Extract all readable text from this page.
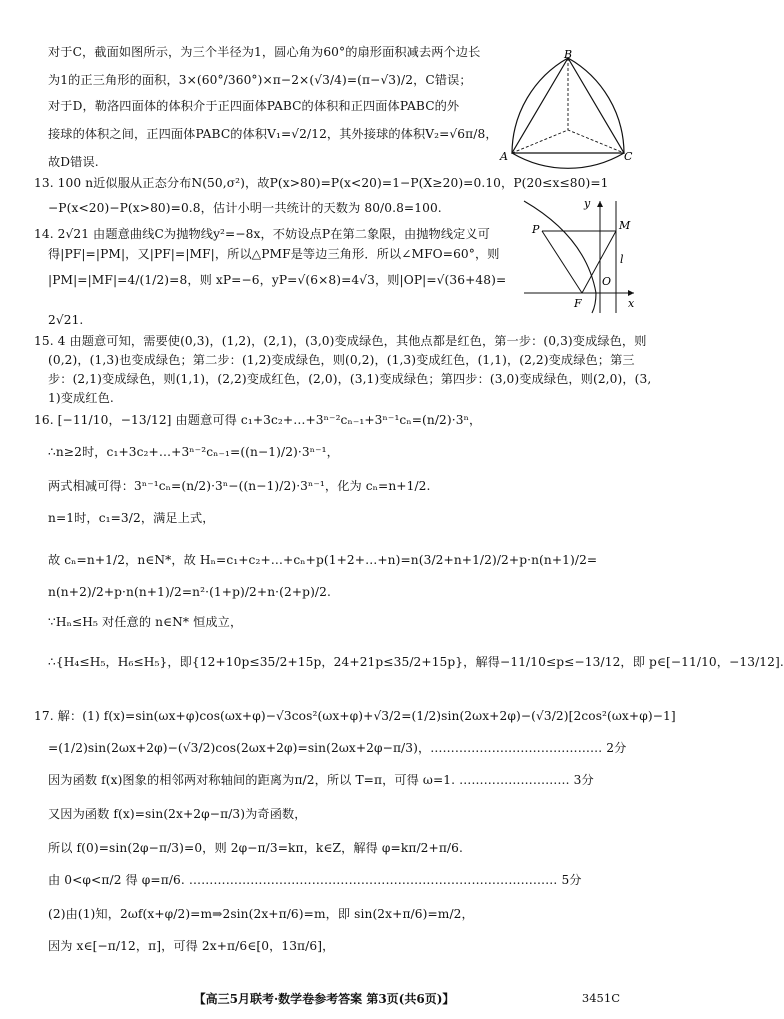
B
A	C
y
P	M
l
F
O
x
对于C，截面如图所示，为三个半径为1，圆心角为60°的扇形面积减去两个边长
为1的正三角形的面积，3×(60°/360°)×π−2×(√3/4)=(π−√3)/2，C错误；
对于D，勒洛四面体的体积介于正四面体PABC的体积和正四面体PABC的外
接球的体积之间，正四面体PABC的体积V₁=√2/12，其外接球的体积V₂=√6π/8，
故D错误.
13. 100 n近似服从正态分布N(50,σ²)，故P(x>80)=P(x<20)=1−P(X≥20)=0.10，P(20≤x≤80)=1
−P(x<20)−P(x>80)=0.8，估计小明一共统计的天数为 80/0.8=100.
14. 2√21 由题意曲线C为抛物线y²=−8x，不妨设点P在第二象限，由抛物线定义可
得|PF|=|PM|，又|PF|=|MF|，所以△PMF是等边三角形．所以∠MFO=60°，则
|PM|=|MF|=4/(1/2)=8，则 xP=−6，yP=√(6×8)=4√3，则|OP|=√(36+48)=
2√21.
15. 4 由题意可知，需要使(0,3)，(1,2)，(2,1)，(3,0)变成绿色，其他点都是红色，第一步：(0,3)变成绿色，则
(0,2)，(1,3)也变成绿色；第二步：(1,2)变成绿色，则(0,2)，(1,3)变成红色，(1,1)，(2,2)变成绿色；第三
步：(2,1)变成绿色，则(1,1)，(2,2)变成红色，(2,0)，(3,1)变成绿色；第四步：(3,0)变成绿色，则(2,0)，(3,
1)变成红色.
16. [−11/10，−13/12] 由题意可得 c₁+3c₂+…+3ⁿ⁻²cₙ₋₁+3ⁿ⁻¹cₙ=(n/2)·3ⁿ，
∴n≥2时，c₁+3c₂+…+3ⁿ⁻²cₙ₋₁=((n−1)/2)·3ⁿ⁻¹，
两式相减可得：3ⁿ⁻¹cₙ=(n/2)·3ⁿ−((n−1)/2)·3ⁿ⁻¹，化为 cₙ=n+1/2.
n=1时，c₁=3/2，满足上式，
故 cₙ=n+1/2，n∈N*，故 Hₙ=c₁+c₂+…+cₙ+p(1+2+…+n)=n(3/2+n+1/2)/2+p·n(n+1)/2=
n(n+2)/2+p·n(n+1)/2=n²·(1+p)/2+n·(2+p)/2.
∵Hₙ≤H₅ 对任意的 n∈N* 恒成立，
∴{H₄≤H₅，H₆≤H₅}，即{12+10p≤35/2+15p，24+21p≤35/2+15p}，解得−11/10≤p≤−13/12，即 p∈[−11/10，−13/12].
17. 解：(1) f(x)=sin(ωx+φ)cos(ωx+φ)−√3cos²(ωx+φ)+√3/2=(1/2)sin(2ωx+2φ)−(√3/2)[2cos²(ωx+φ)−1]
=(1/2)sin(2ωx+2φ)−(√3/2)cos(2ωx+2φ)=sin(2ωx+2φ−π/3)，…………………………………… 2分
因为函数 f(x)图象的相邻两对称轴间的距离为π/2，所以 T=π，可得 ω=1. ……………………… 3分
又因为函数 f(x)=sin(2x+2φ−π/3)为奇函数，
所以 f(0)=sin(2φ−π/3)=0，则 2φ−π/3=kπ，k∈Z，解得 φ=kπ/2+π/6.
由 0<φ<π/2 得 φ=π/6. ……………………………………………………………………………… 5分
(2)由(1)知，2ωf(x+φ/2)=m⇒2sin(2x+π/6)=m，即 sin(2x+π/6)=m/2，
因为 x∈[−π/12，π]，可得 2x+π/6∈[0，13π/6]，
【高三5月联考·数学卷参考答案 第3页(共6页)】	3451C
